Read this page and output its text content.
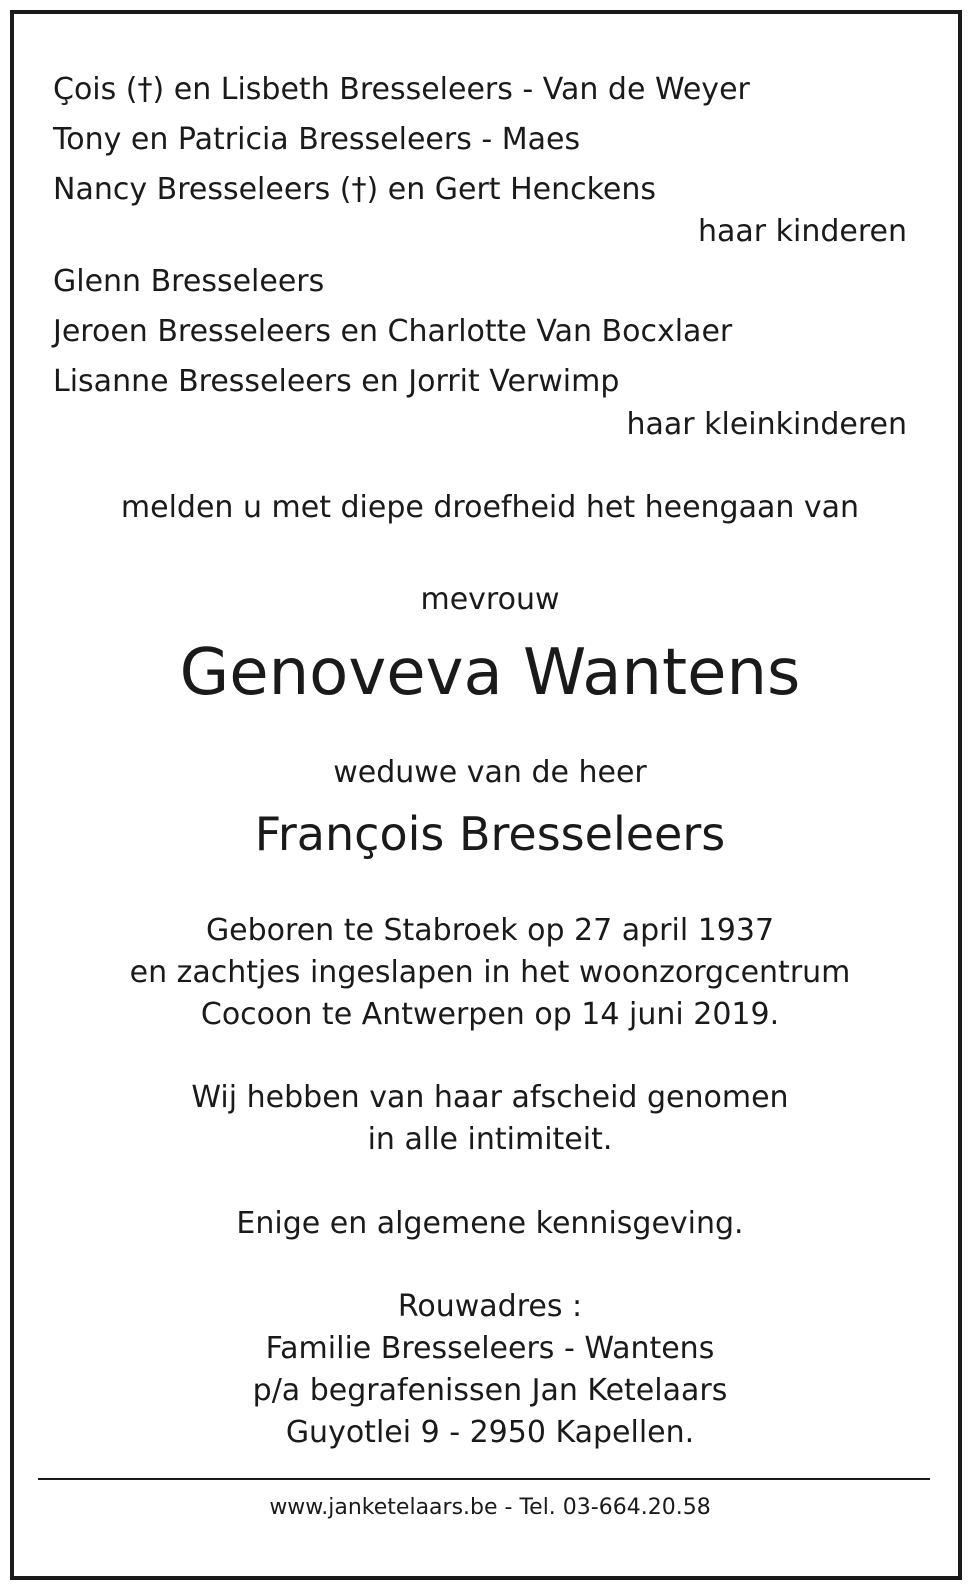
Çois (†) en Lisbeth Bresseleers - Van de Weyer
Tony en Patricia Bresseleers - Maes
Nancy Bresseleers (†) en Gert Henckens
haar kinderen
Glenn Bresseleers
Jeroen Bresseleers en Charlotte Van Bocxlaer
Lisanne Bresseleers en Jorrit Verwimp
haar kleinkinderen
melden u met diepe droefheid het heengaan van
mevrouw
Genoveva Wantens
weduwe van de heer
François Bresseleers
Geboren te Stabroek op 27 april 1937
en zachtjes ingeslapen in het woonzorgcentrum
Cocoon te Antwerpen op 14 juni 2019.
Wij hebben van haar afscheid genomen
in alle intimiteit.
Enige en algemene kennisgeving.
Rouwadres :
Familie Bresseleers - Wantens
p/a begrafenissen Jan Ketelaars
Guyotlei 9 - 2950 Kapellen.
www.janketelaars.be - Tel. 03-664.20.58
